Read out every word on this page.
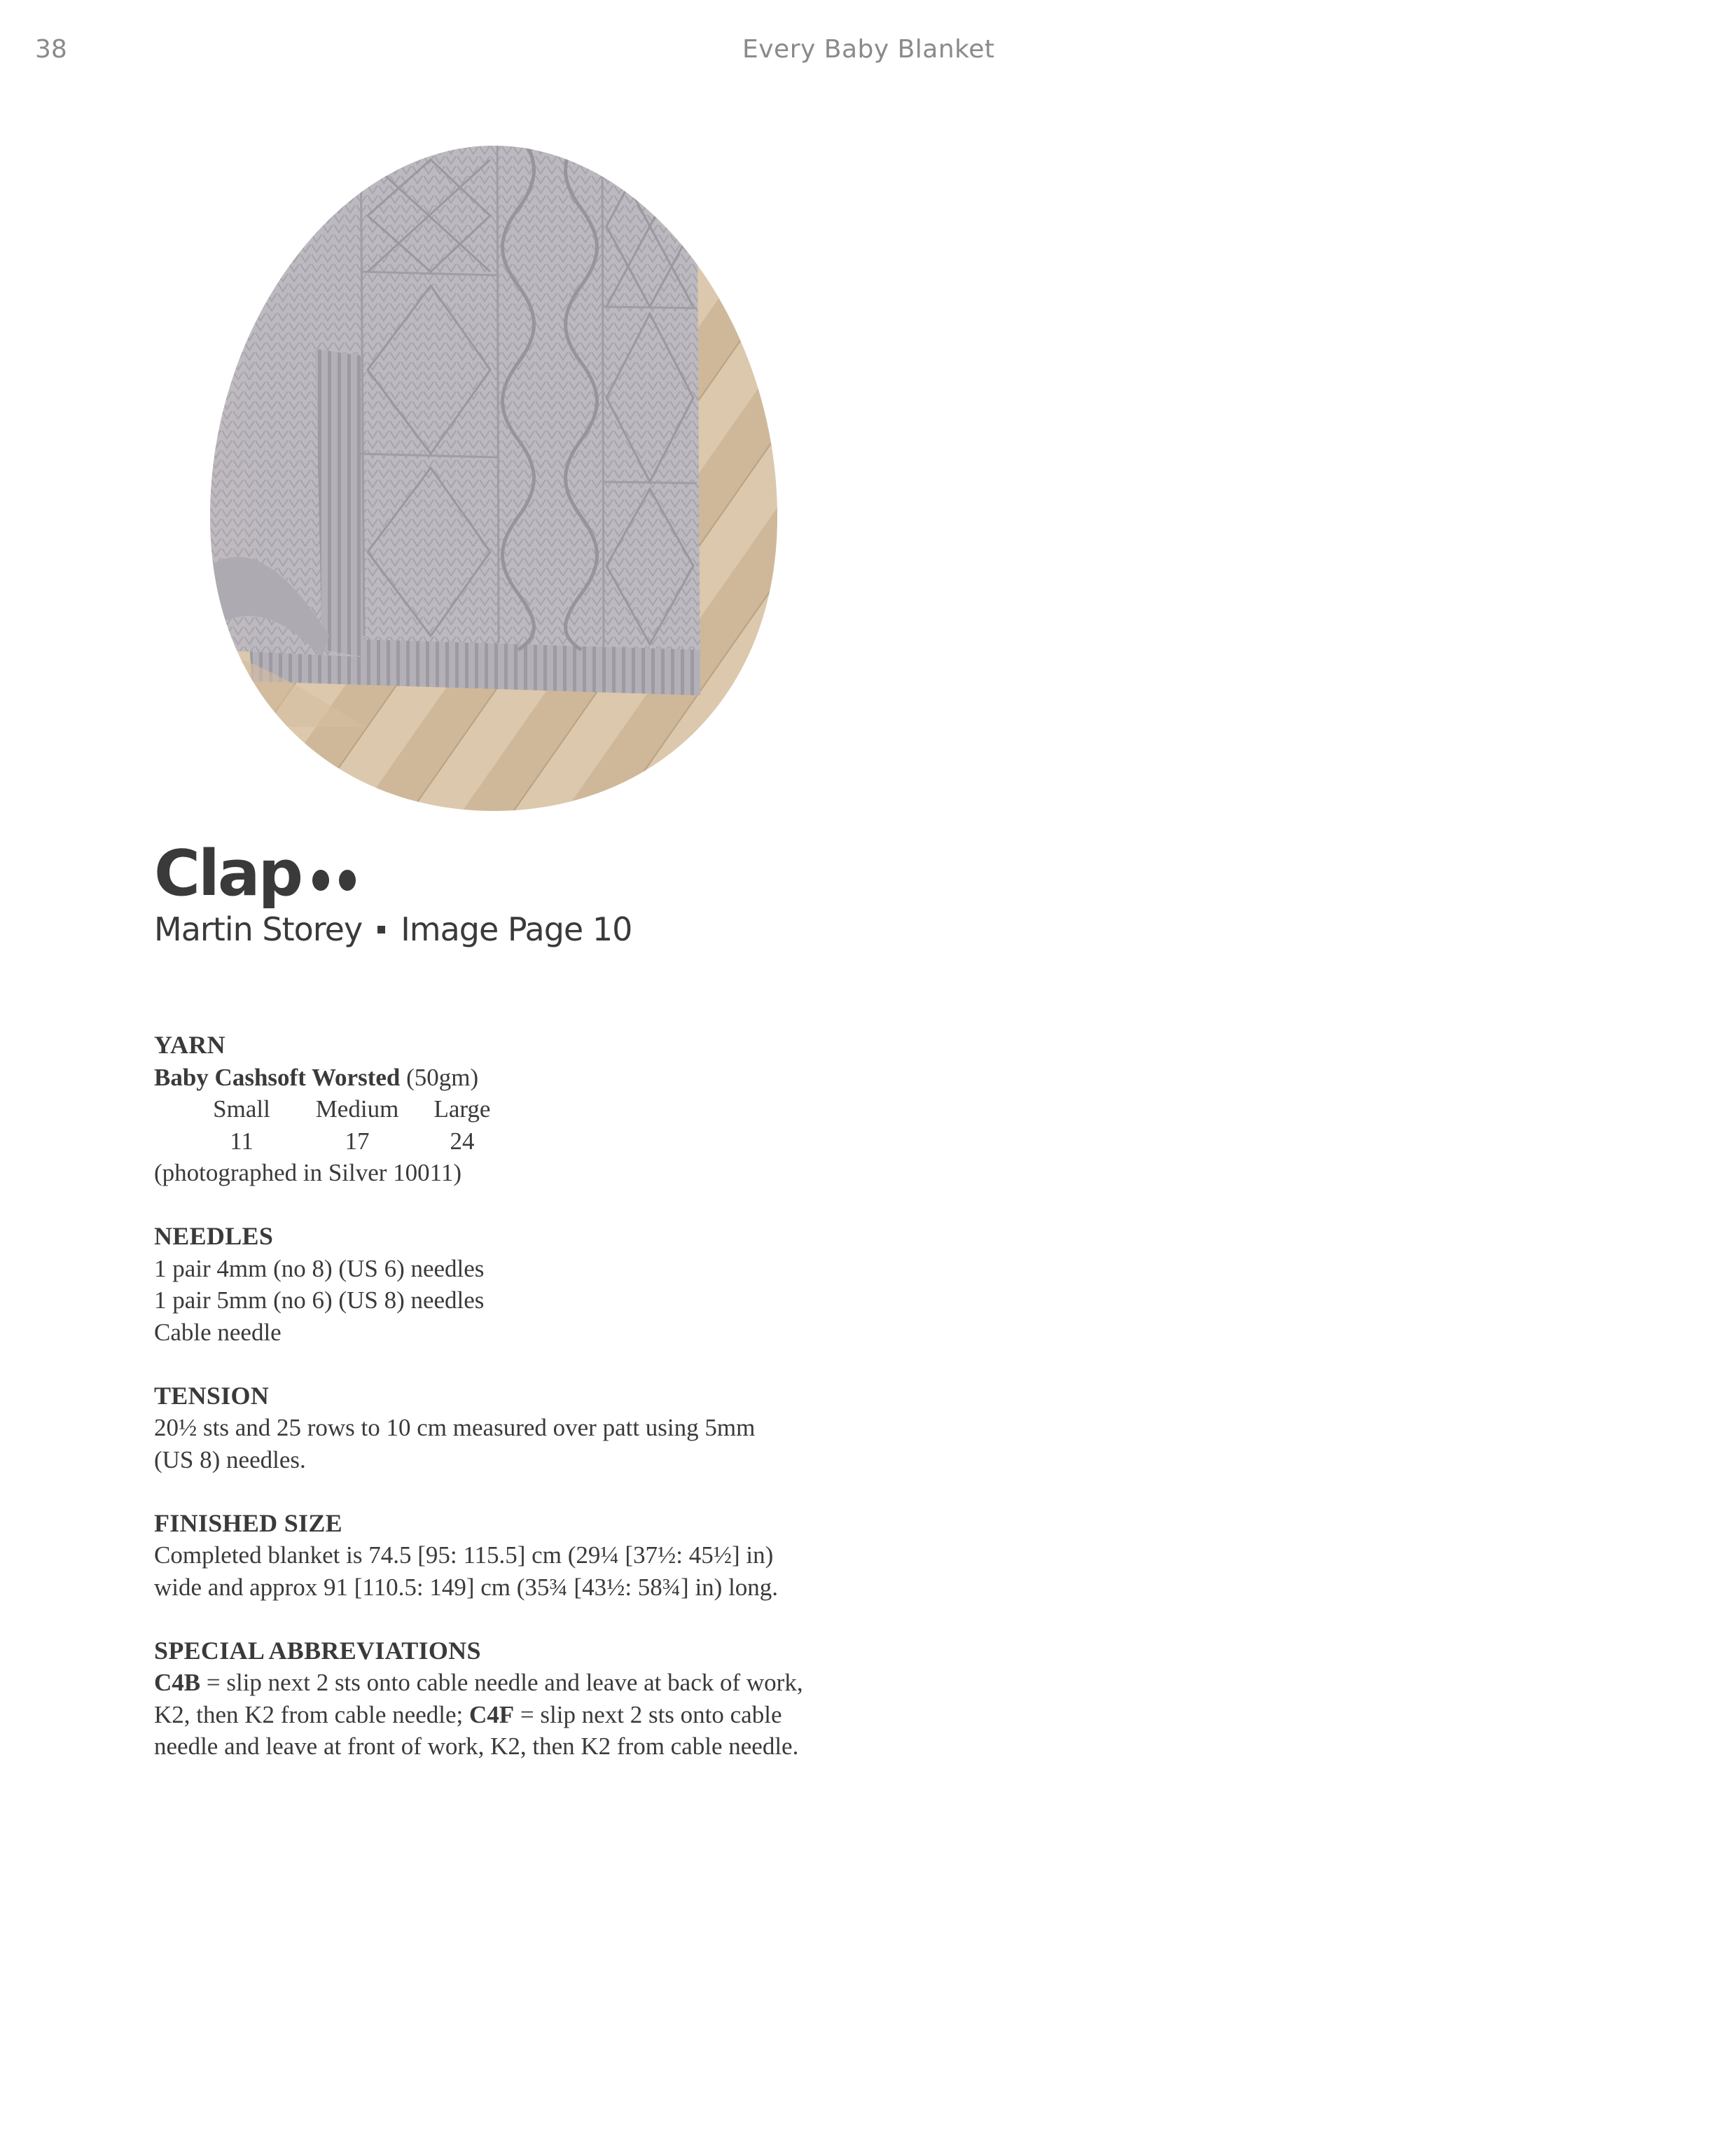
38	Every Baby Blanket
Clap
Martin Storey Image Page 10
YARN
Baby Cashsoft Worsted (50gm)
Small	Medium	Large
11	17	24
(photographed in Silver 10011)
NEEDLES
1 pair 4mm (no 8) (US 6) needles
1 pair 5mm (no 6) (US 8) needles
Cable needle
TENSION
20½ sts and 25 rows to 10 cm measured over patt using 5mm
(US 8) needles.
FINISHED SIZE
Completed blanket is 74.5 [95: 115.5] cm (29¼ [37½: 45½] in)
wide and approx 91 [110.5: 149] cm (35¾ [43½: 58¾] in) long.
SPECIAL ABBREVIATIONS
C4B = slip next 2 sts onto cable needle and leave at back of work,
K2, then K2 from cable needle; C4F = slip next 2 sts onto cable
needle and leave at front of work, K2, then K2 from cable needle.
